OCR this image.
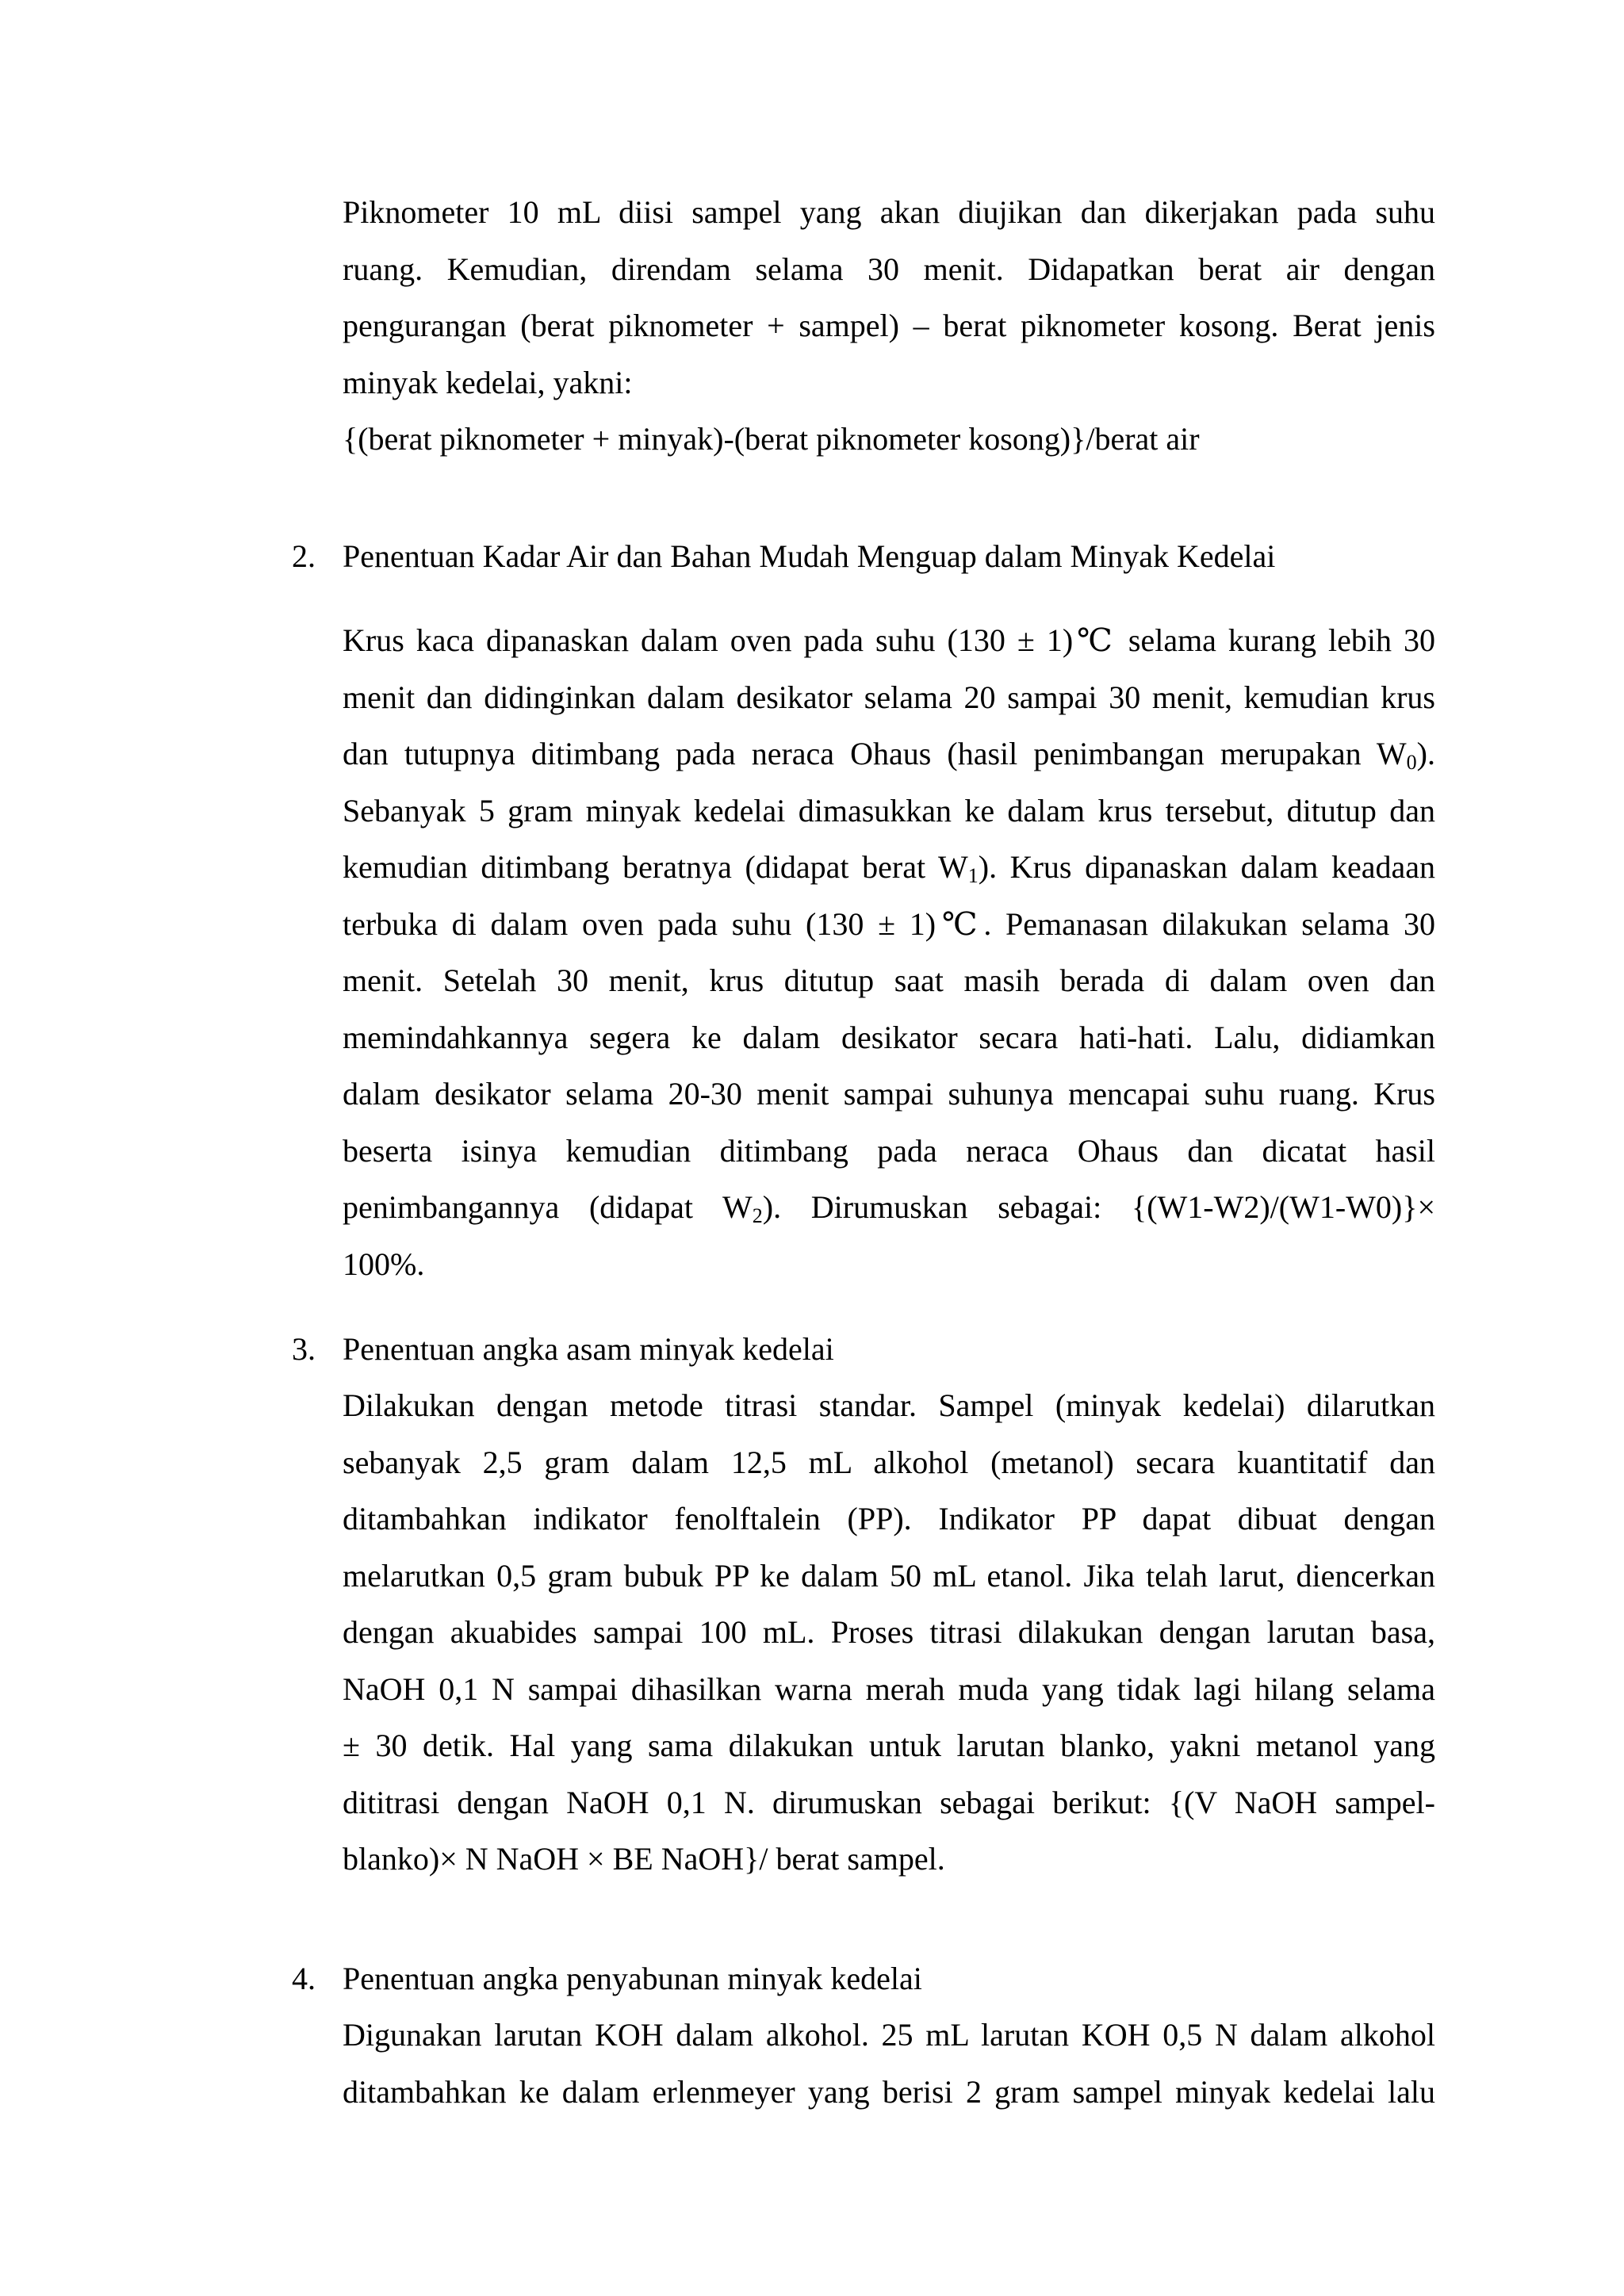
Piknometer 10 mL diisi sampel yang akan diujikan dan dikerjakan pada suhu
ruang. Kemudian, direndam selama 30 menit. Didapatkan berat air dengan
pengurangan (berat piknometer + sampel) – berat piknometer kosong. Berat jenis
minyak kedelai, yakni:
{(berat piknometer + minyak)-(berat piknometer kosong)}/berat air
2. Penentuan Kadar Air dan Bahan Mudah Menguap dalam Minyak Kedelai
Krus kaca dipanaskan dalam oven pada suhu (130 ± 1)℃ selama kurang lebih 30
menit dan didinginkan dalam desikator selama 20 sampai 30 menit, kemudian krus
dan tutupnya ditimbang pada neraca Ohaus (hasil penimbangan merupakan $W_0$).
Sebanyak 5 gram minyak kedelai dimasukkan ke dalam krus tersebut, ditutup dan
kemudian ditimbang beratnya (didapat berat $W_1$). Krus dipanaskan dalam keadaan
terbuka di dalam oven pada suhu (130 ± 1)℃. Pemanasan dilakukan selama 30
menit. Setelah 30 menit, krus ditutup saat masih berada di dalam oven dan
memindahkannya segera ke dalam desikator secara hati-hati. Lalu, didiamkan
dalam desikator selama 20-30 menit sampai suhunya mencapai suhu ruang. Krus
beserta isinya kemudian ditimbang pada neraca Ohaus dan dicatat hasil
penimbangannya (didapat $W_2$). Dirumuskan sebagai: {(W1-W2)/(W1-W0)}×
100%.
3. Penentuan angka asam minyak kedelai
Dilakukan dengan metode titrasi standar. Sampel (minyak kedelai) dilarutkan
sebanyak 2,5 gram dalam 12,5 mL alkohol (metanol) secara kuantitatif dan
ditambahkan indikator fenolftalein (PP). Indikator PP dapat dibuat dengan
melarutkan 0,5 gram bubuk PP ke dalam 50 mL etanol. Jika telah larut, diencerkan
dengan akuabides sampai 100 mL. Proses titrasi dilakukan dengan larutan basa,
NaOH 0,1 N sampai dihasilkan warna merah muda yang tidak lagi hilang selama
± 30 detik. Hal yang sama dilakukan untuk larutan blanko, yakni metanol yang
dititrasi dengan NaOH 0,1 N. dirumuskan sebagai berikut: {(V NaOH sampel-
blanko)× N NaOH × BE NaOH}/ berat sampel.
4. Penentuan angka penyabunan minyak kedelai
Digunakan larutan KOH dalam alkohol. 25 mL larutan KOH 0,5 N dalam alkohol
ditambahkan ke dalam erlenmeyer yang berisi 2 gram sampel minyak kedelai lalu
